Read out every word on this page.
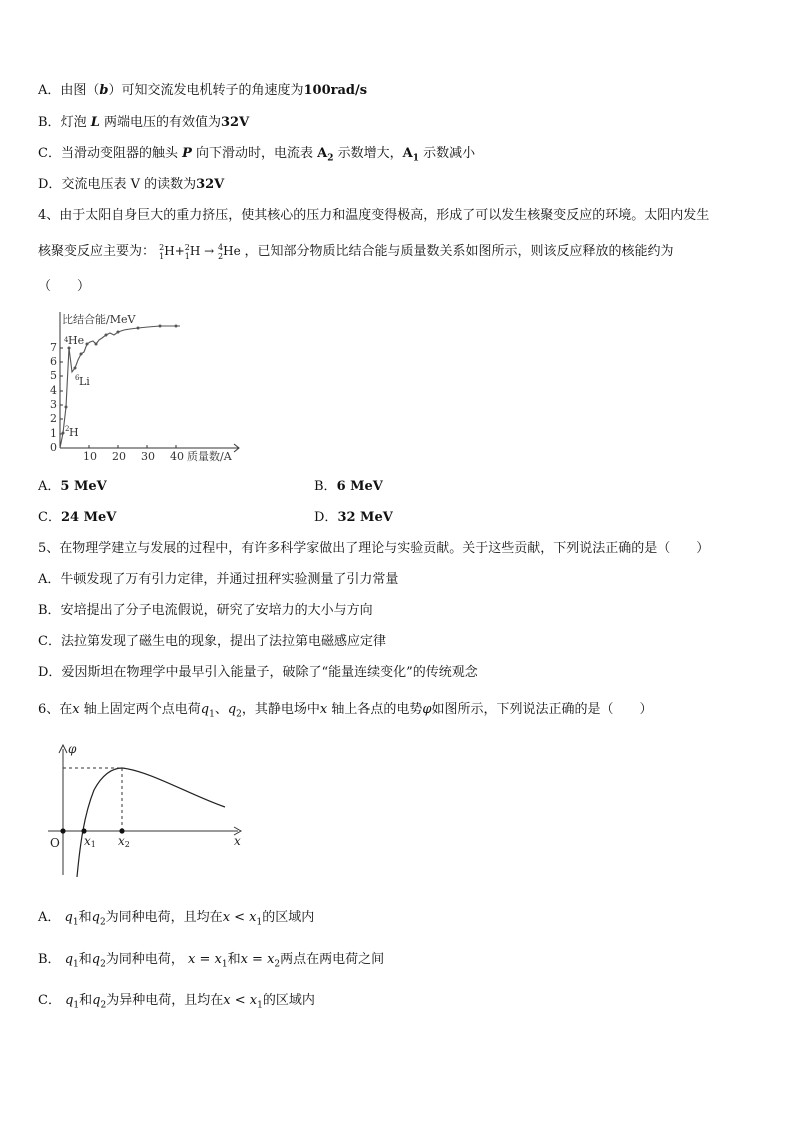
A．由图（b）可知交流发电机转子的角速度为100rad/s
B．灯泡 L 两端电压的有效值为32V
C．当滑动变阻器的触头 P 向下滑动时，电流表 $A_2$ 示数增大，$A_1$ 示数减小
D．交流电压表 V 的读数为32V
4、由于太阳自身巨大的重力挤压，使其核心的压力和温度变得极高，形成了可以发生核聚变反应的环境。太阳内发生
核聚变反应主要为： 2
1H+2
1H → 4
2He ，已知部分物质比结合能与质量数关系如图所示，则该反应释放的核能约为
（　　）
比结合能/MeV
质量数/A
0
1
2
3
4
5
6
7
10 20 30 40
4 He
6 Li
2 H
A．5 MeV	B．6 MeV
C．24 MeV	D．32 MeV
5、在物理学建立与发展的过程中，有许多科学家做出了理论与实验贡献。关于这些贡献，下列说法正确的是（　　）
A．牛顿发现了万有引力定律，并通过扭秤实验测量了引力常量
B．安培提出了分子电流假说，研究了安培力的大小与方向
C．法拉第发现了磁生电的现象，提出了法拉第电磁感应定律
D．爱因斯坦在物理学中最早引入能量子，破除了“能量连续变化”的传统观念
6、在x 轴上固定两个点电荷$q_1$、$q_2$，其静电场中x 轴上各点的电势φ如图所示，下列说法正确的是（　　）
φ
x
O x1 x2
A． $q_1$和$q_2$为同种电荷，且均在$x < x_1$的区域内
B． $q_1$和$q_2$为同种电荷， $x = x_1$和$x = x_2$两点在两电荷之间
C． $q_1$和$q_2$为异种电荷，且均在$x < x_1$的区域内
